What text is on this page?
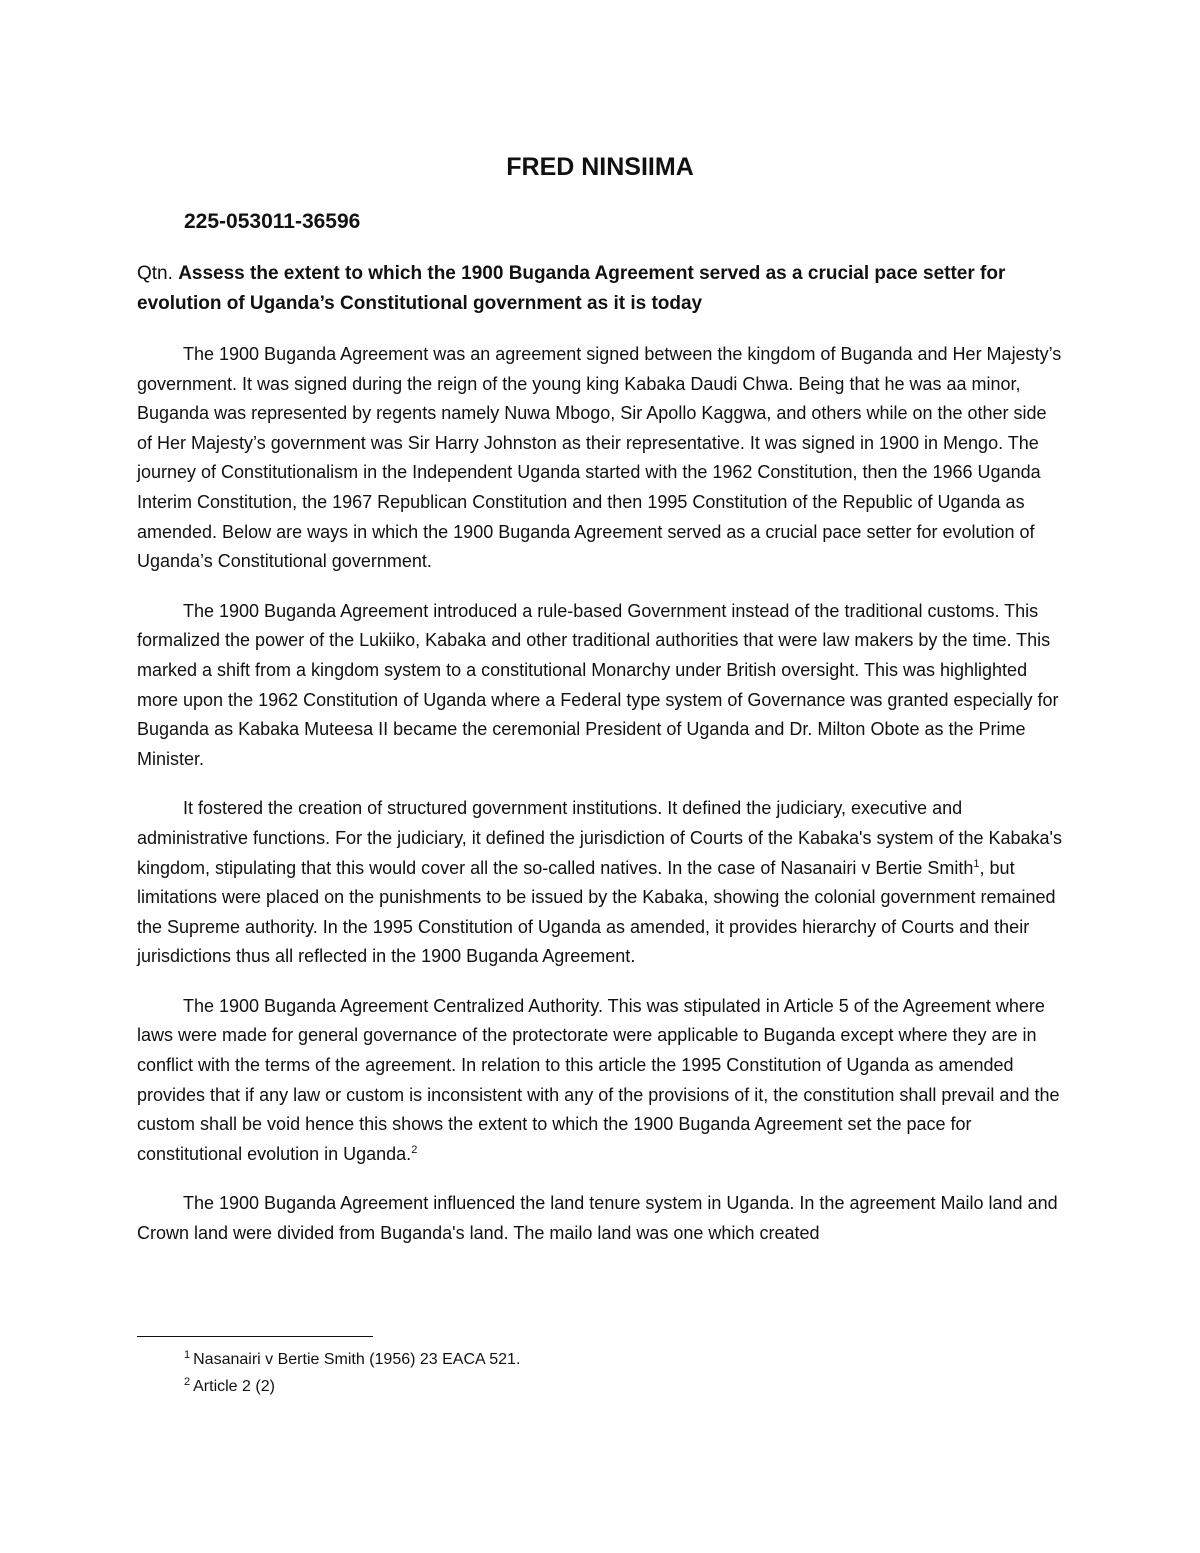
FRED NINSIIMA
225-053011-36596
Qtn. Assess the extent to which the 1900 Buganda Agreement served as a crucial pace setter for evolution of Uganda’s Constitutional government as it is today

The 1900 Buganda Agreement was an agreement signed between the kingdom of Buganda and Her Majesty’s government. It was signed during the reign of the young king Kabaka Daudi Chwa. Being that he was aa minor, Buganda was represented by regents namely Nuwa Mbogo, Sir Apollo Kaggwa, and others while on the other side of Her Majesty’s government was Sir Harry Johnston as their representative. It was signed in 1900 in Mengo. The journey of Constitutionalism in the Independent Uganda started with the 1962 Constitution, then the 1966 Uganda Interim Constitution, the 1967 Republican Constitution and then 1995 Constitution of the Republic of Uganda as amended. Below are ways in which the 1900 Buganda Agreement served as a crucial pace setter for evolution of Uganda’s Constitutional government.

The 1900 Buganda Agreement introduced a rule-based Government instead of the traditional customs. This formalized the power of the Lukiiko, Kabaka and other traditional authorities that were law makers by the time. This marked a shift from a kingdom system to a constitutional Monarchy under British oversight. This was highlighted more upon the 1962 Constitution of Uganda where a Federal type system of Governance was granted especially for Buganda as Kabaka Muteesa II became the ceremonial President of Uganda and Dr. Milton Obote as the Prime Minister.

It fostered the creation of structured government institutions. It defined the judiciary, executive and administrative functions. For the judiciary, it defined the jurisdiction of Courts of the Kabaka's system of the Kabaka's kingdom, stipulating that this would cover all the so-called natives. In the case of Nasanairi v Bertie Smith$^1$, but limitations were placed on the punishments to be issued by the Kabaka, showing the colonial government remained the Supreme authority. In the 1995 Constitution of Uganda as amended, it provides hierarchy of Courts and their jurisdictions thus all reflected in the 1900 Buganda Agreement.

The 1900 Buganda Agreement Centralized Authority. This was stipulated in Article 5 of the Agreement where laws were made for general governance of the protectorate were applicable to Buganda except where they are in conflict with the terms of the agreement. In relation to this article the 1995 Constitution of Uganda as amended provides that if any law or custom is inconsistent with any of the provisions of it, the constitution shall prevail and the custom shall be void hence this shows the extent to which the 1900 Buganda Agreement set the pace for constitutional evolution in Uganda.$^2$

The 1900 Buganda Agreement influenced the land tenure system in Uganda. In the agreement Mailo land and Crown land were divided from Buganda's land. The mailo land was one which created

$^1$ Nasanairi v Bertie Smith (1956) 23 EACA 521.
$^2$ Article 2 (2)
